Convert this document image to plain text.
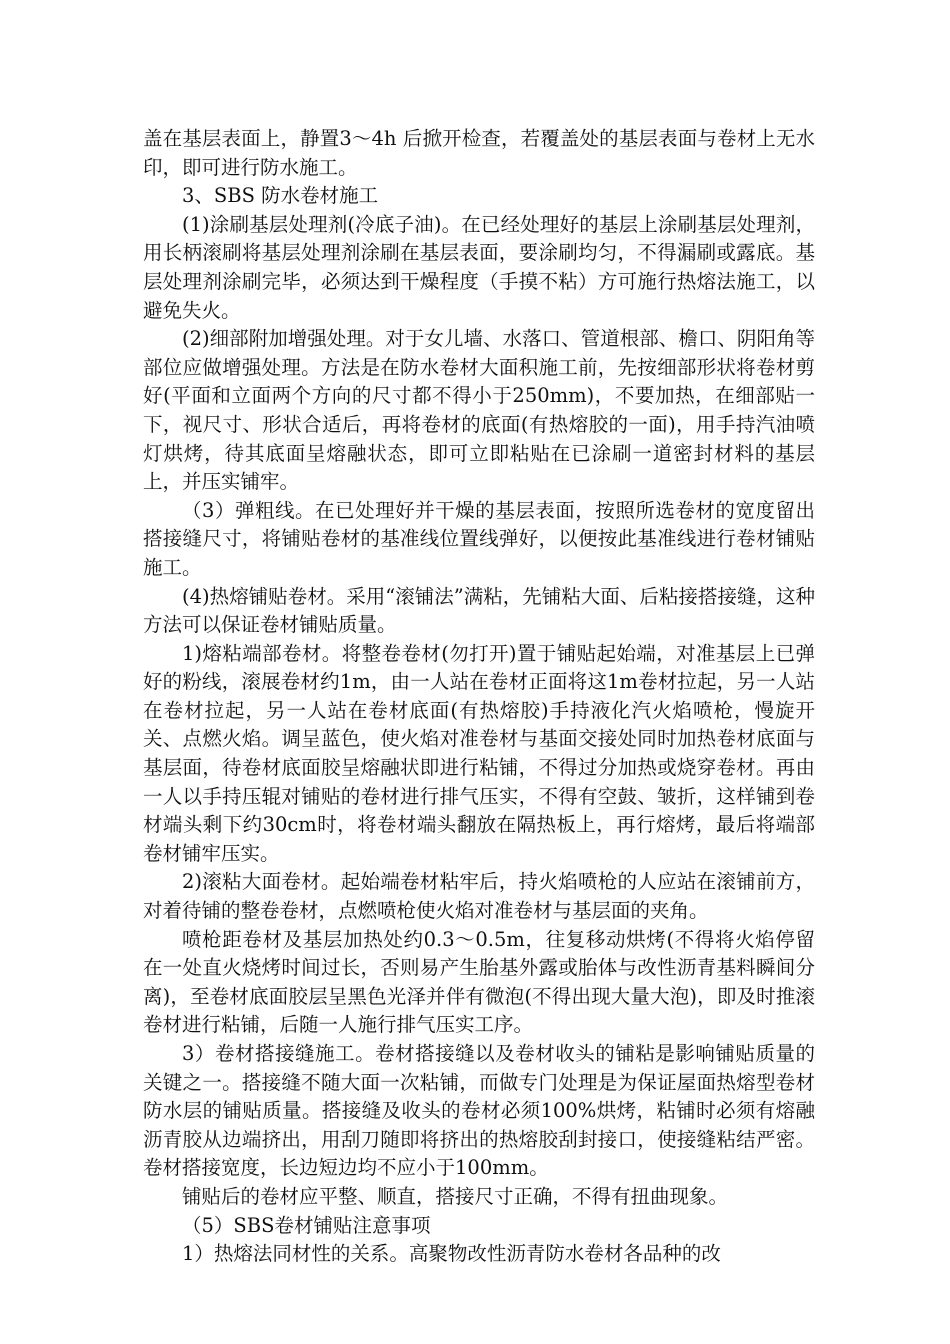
盖在基层表面上，静置3～4h 后掀开检查，若覆盖处的基层表面与卷材上无水印，即可进行防水施工。

3、SBS 防水卷材施工

(1)涂刷基层处理剂(冷底子油)。在已经处理好的基层上涂刷基层处理剂，用长柄滚刷将基层处理剂涂刷在基层表面，要涂刷均匀，不得漏刷或露底。基层处理剂涂刷完毕，必须达到干燥程度（手摸不粘）方可施行热熔法施工，以避免失火。

(2)细部附加增强处理。对于女儿墙、水落口、管道根部、檐口、阴阳角等部位应做增强处理。方法是在防水卷材大面积施工前，先按细部形状将卷材剪好(平面和立面两个方向的尺寸都不得小于250mm)，不要加热，在细部贴一下，视尺寸、形状合适后，再将卷材的底面(有热熔胶的一面)，用手持汽油喷灯烘烤，待其底面呈熔融状态，即可立即粘贴在已涂刷一道密封材料的基层上，并压实铺牢。

（3）弹粗线。在已处理好并干燥的基层表面，按照所选卷材的宽度留出搭接缝尺寸，将铺贴卷材的基准线位置线弹好，以便按此基准线进行卷材铺贴施工。

(4)热熔铺贴卷材。采用“滚铺法”满粘，先铺粘大面、后粘接搭接缝，这种方法可以保证卷材铺贴质量。

1)熔粘端部卷材。将整卷卷材(勿打开)置于铺贴起始端，对准基层上已弹好的粉线，滚展卷材约1m，由一人站在卷材正面将这1m卷材拉起，另一人站在卷材拉起，另一人站在卷材底面(有热熔胶)手持液化汽火焰喷枪，慢旋开关、点燃火焰。调呈蓝色，使火焰对准卷材与基面交接处同时加热卷材底面与基层面，待卷材底面胶呈熔融状即进行粘铺，不得过分加热或烧穿卷材。再由一人以手持压辊对铺贴的卷材进行排气压实，不得有空鼓、皱折，这样铺到卷材端头剩下约30cm时，将卷材端头翻放在隔热板上，再行熔烤，最后将端部卷材铺牢压实。

2)滚粘大面卷材。起始端卷材粘牢后，持火焰喷枪的人应站在滚铺前方，对着待铺的整卷卷材，点燃喷枪使火焰对准卷材与基层面的夹角。

喷枪距卷材及基层加热处约0.3～0.5m，往复移动烘烤(不得将火焰停留在一处直火烧烤时间过长，否则易产生胎基外露或胎体与改性沥青基料瞬间分离)，至卷材底面胶层呈黑色光泽并伴有微泡(不得出现大量大泡)，即及时推滚卷材进行粘铺，后随一人施行排气压实工序。

3）卷材搭接缝施工。卷材搭接缝以及卷材收头的铺粘是影响铺贴质量的关键之一。搭接缝不随大面一次粘铺，而做专门处理是为保证屋面热熔型卷材防水层的铺贴质量。搭接缝及收头的卷材必须100%烘烤，粘铺时必须有熔融沥青胶从边端挤出，用刮刀随即将挤出的热熔胶刮封接口，使接缝粘结严密。卷材搭接宽度，长边短边均不应小于100mm。

铺贴后的卷材应平整、顺直，搭接尺寸正确，不得有扭曲现象。

（5）SBS卷材铺贴注意事项

1）热熔法同材性的关系。高聚物改性沥青防水卷材各品种的改
